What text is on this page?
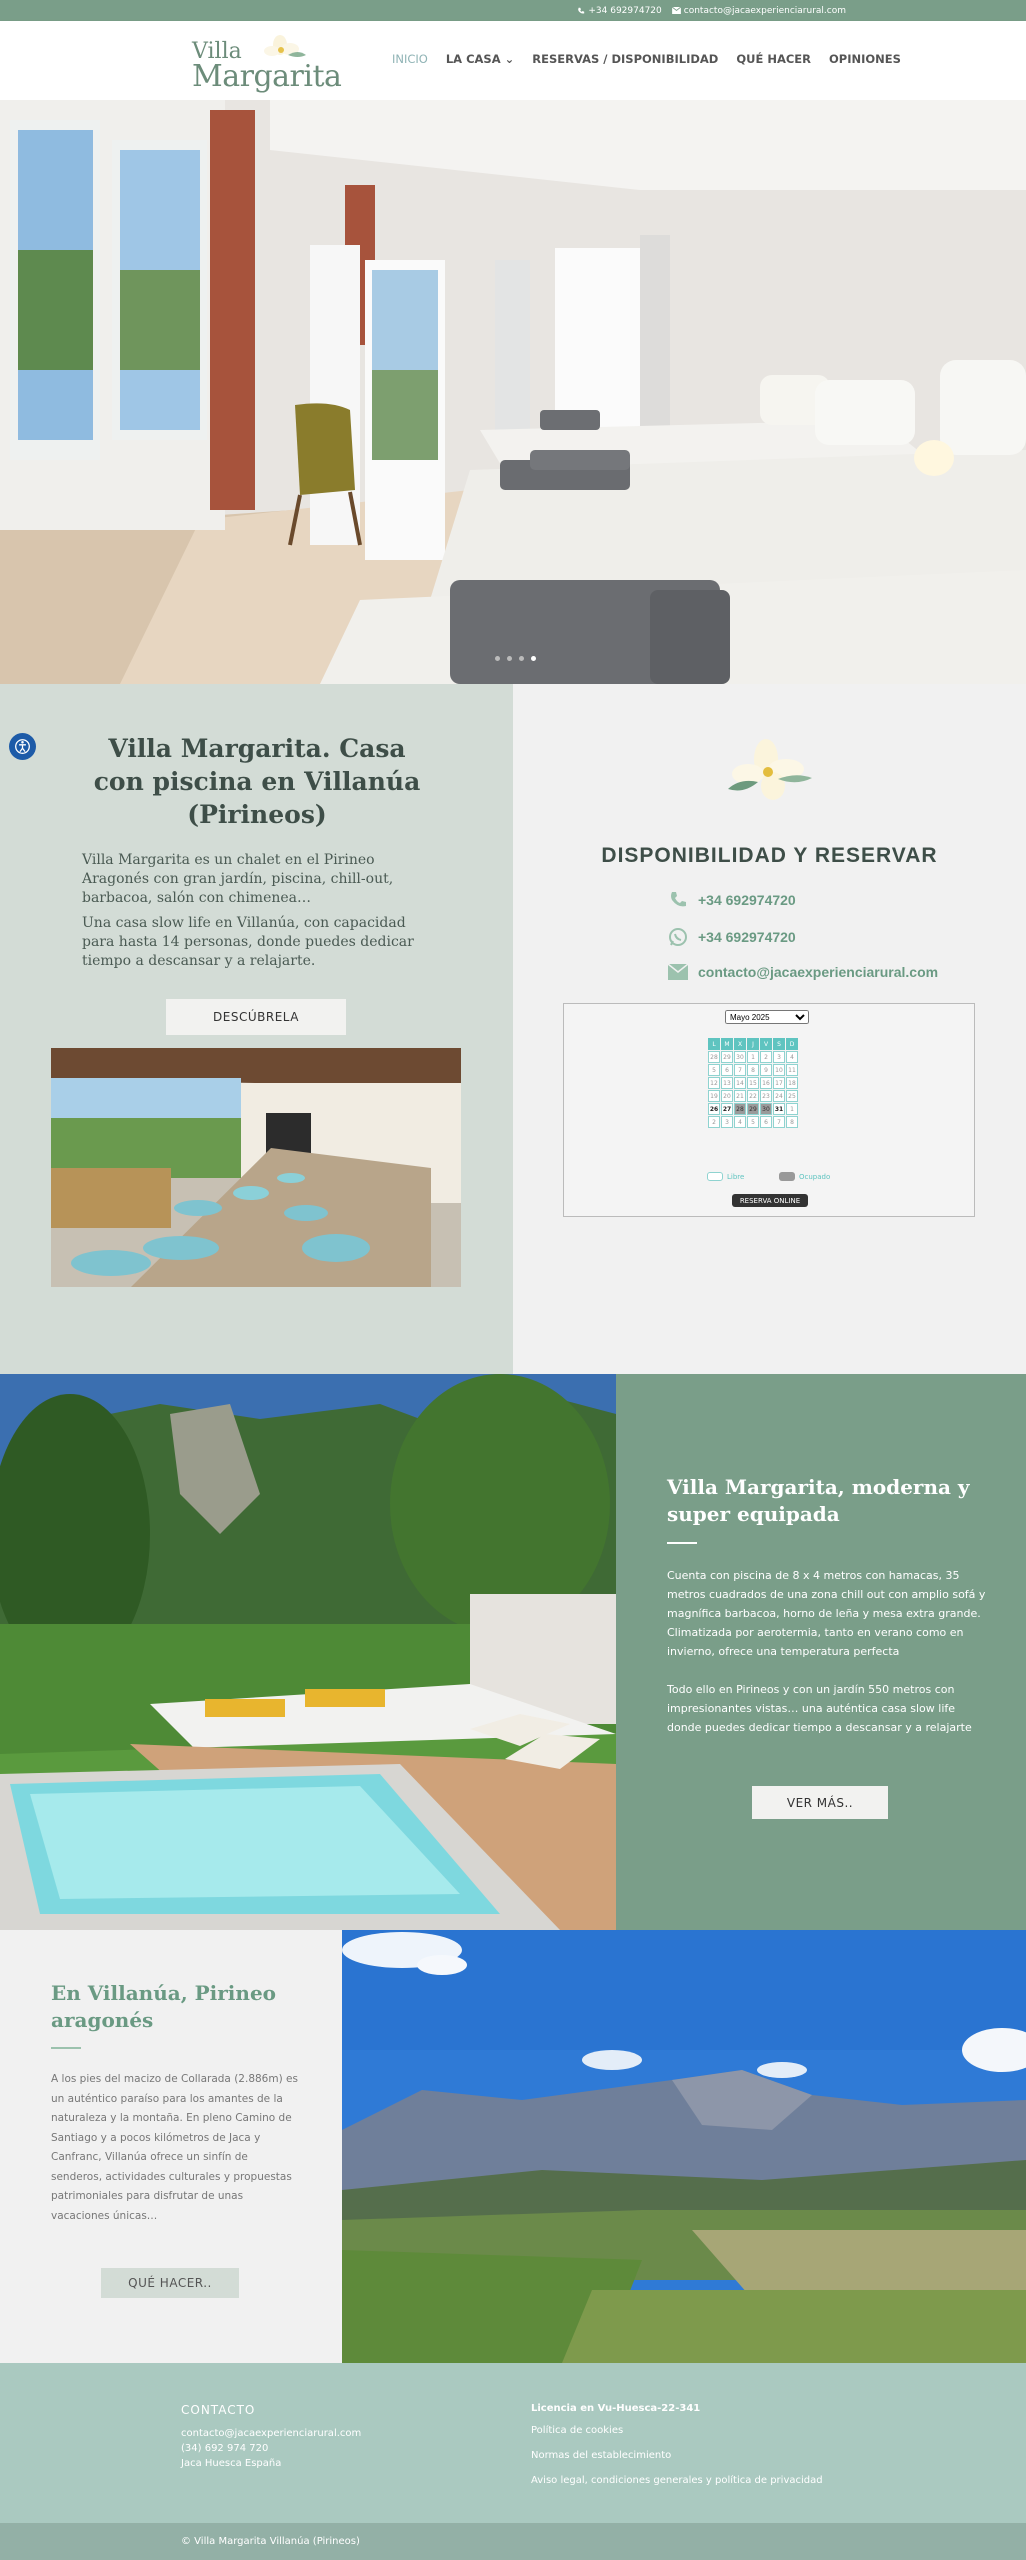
+34 692974720 contacto@jacaexperienciarural.com
Villa
Margarita	INICIO LA CASA ⌄ RESERVAS / DISPONIBILIDAD QUÉ HACER OPINIONES
Villa Margarita. Casa con piscina en Villanúa (Pirineos)

Villa Margarita es un chalet en el Pirineo Aragonés con gran jardín, piscina, chill-out, barbacoa, salón con chimenea…

Una casa slow life en Villanúa, con capacidad para hasta 14 personas, donde puedes dedicar tiempo a descansar y a relajarte.

DESCÚBRELA
DISPONIBILIDAD Y RESERVAR
+34 692974720
+34 692974720
contacto@jacaexperienciarural.com
Mayo 2025
L	M	X	J	V	S	D
28 29 30	1	2	3	4
5	6	7	8	9	10 11
12 13 14 15 16 17 18
19 20 21 22 23 24 25
26 27 28 29 30 31	1
2	3	4	5	6	7	8
Libre	Ocupado
RESERVA ONLINE
Villa Margarita, moderna y super equipada

Cuenta con piscina de 8 x 4 metros con hamacas, 35 metros cuadrados de una zona chill out con amplio sofá y magnífica barbacoa, horno de leña y mesa extra grande. Climatizada por aerotermia, tanto en verano como en invierno, ofrece una temperatura perfecta

Todo ello en Pirineos y con un jardín 550 metros con impresionantes vistas… una auténtica casa slow life donde puedes dedicar tiempo a descansar y a relajarte

VER MÁS..
En Villanúa, Pirineo aragonés

A los pies del macizo de Collarada (2.886m) es un auténtico paraíso para los amantes de la naturaleza y la montaña. En pleno Camino de Santiago y a pocos kilómetros de Jaca y Canfranc, Villanúa ofrece un sinfín de senderos, actividades culturales y propuestas patrimoniales para disfrutar de unas vacaciones únicas…

QUÉ HACER..
CONTACTO
contacto@jacaexperienciarural.com
(34) 692 974 720
Jaca Huesca España
Licencia en Vu-Huesca-22-341
Política de cookies
Normas del establecimiento
Aviso legal, condiciones generales y política de privacidad
© Villa Margarita Villanúa (Pirineos)
